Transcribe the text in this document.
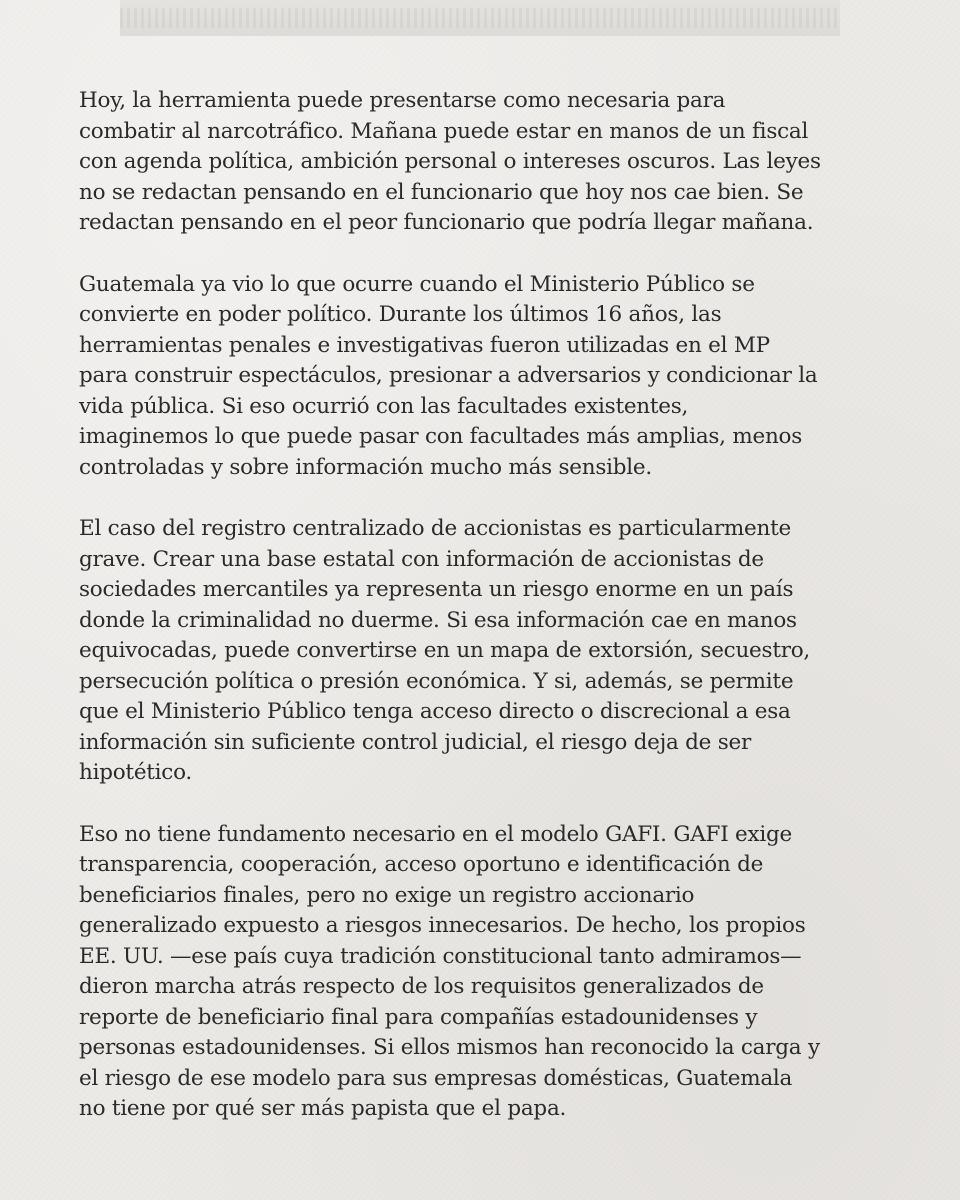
Hoy, la herramienta puede presentarse como necesaria para
combatir al narcotráfico. Mañana puede estar en manos de un fiscal
con agenda política, ambición personal o intereses oscuros. Las leyes
no se redactan pensando en el funcionario que hoy nos cae bien. Se
redactan pensando en el peor funcionario que podría llegar mañana.

Guatemala ya vio lo que ocurre cuando el Ministerio Público se
convierte en poder político. Durante los últimos 16 años, las
herramientas penales e investigativas fueron utilizadas en el MP
para construir espectáculos, presionar a adversarios y condicionar la
vida pública. Si eso ocurrió con las facultades existentes,
imaginemos lo que puede pasar con facultades más amplias, menos
controladas y sobre información mucho más sensible.

El caso del registro centralizado de accionistas es particularmente
grave. Crear una base estatal con información de accionistas de
sociedades mercantiles ya representa un riesgo enorme en un país
donde la criminalidad no duerme. Si esa información cae en manos
equivocadas, puede convertirse en un mapa de extorsión, secuestro,
persecución política o presión económica. Y si, además, se permite
que el Ministerio Público tenga acceso directo o discrecional a esa
información sin suficiente control judicial, el riesgo deja de ser
hipotético.

Eso no tiene fundamento necesario en el modelo GAFI. GAFI exige
transparencia, cooperación, acceso oportuno e identificación de
beneficiarios finales, pero no exige un registro accionario
generalizado expuesto a riesgos innecesarios. De hecho, los propios
EE. UU. —ese país cuya tradición constitucional tanto admiramos—
dieron marcha atrás respecto de los requisitos generalizados de
reporte de beneficiario final para compañías estadounidenses y
personas estadounidenses. Si ellos mismos han reconocido la carga y
el riesgo de ese modelo para sus empresas domésticas, Guatemala
no tiene por qué ser más papista que el papa.
